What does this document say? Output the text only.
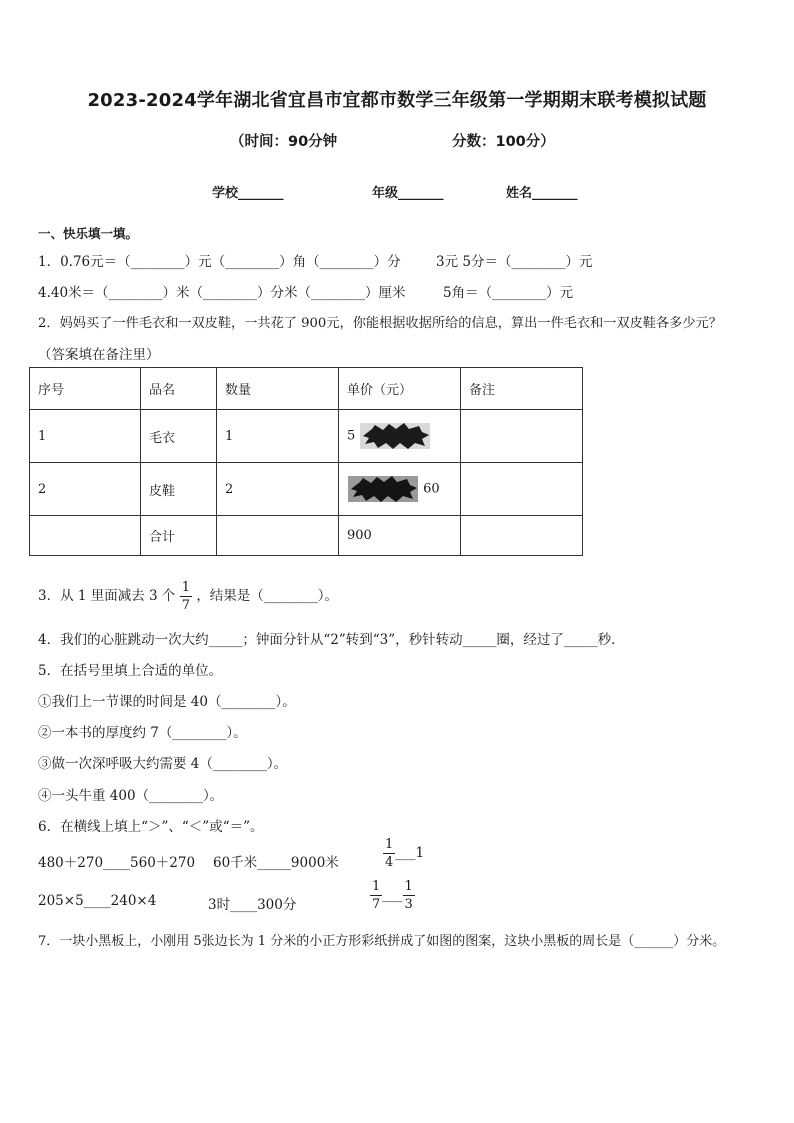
2023-2024学年湖北省宜昌市宜都市数学三年级第一学期期末联考模拟试题
（时间：90分钟	分数：100分）
学校_______	年级_______	姓名_______
一、快乐填一填。
1．0.76元＝（________）元（________）角（________）分	3元 5分＝（________）元
4.40米＝（________）米（________）分米（________）厘米	5角＝（________）元
2．妈妈买了一件毛衣和一双皮鞋，一共花了 900元，你能根据收据所给的信息，算出一件毛衣和一双皮鞋各多少元？
（答案填在备注里）
序号	品名	数量	单价（元）	备注
1	毛衣	1	5	
2	皮鞋	2	60	
	合计		900	
3．从 1 里面减去 3 个 $\frac{1}{7}$ ，结果是（________）。
4．我们的心脏跳动一次大约_____；钟面分针从“2”转到“3”，秒针转动_____圈，经过了_____秒．
5．在括号里填上合适的单位。
①我们上一节课的时间是 40（________）。
②一本书的厚度约 7（________）。
③做一次深呼吸大约需要 4（________）。
④一头牛重 400（________）。
6．在横线上填上“＞”、“＜”或“＝”。
480＋270____560＋270 60千米_____9000米	$\frac{1}{4}$ ___1
205×5____240×4	3时____300分	$\frac{1}{7}$ ___ $\frac{1}{3}$
7．一块小黑板上，小刚用 5张边长为 1 分米的小正方形彩纸拼成了如图的图案，这块小黑板的周长是（______）分米。
